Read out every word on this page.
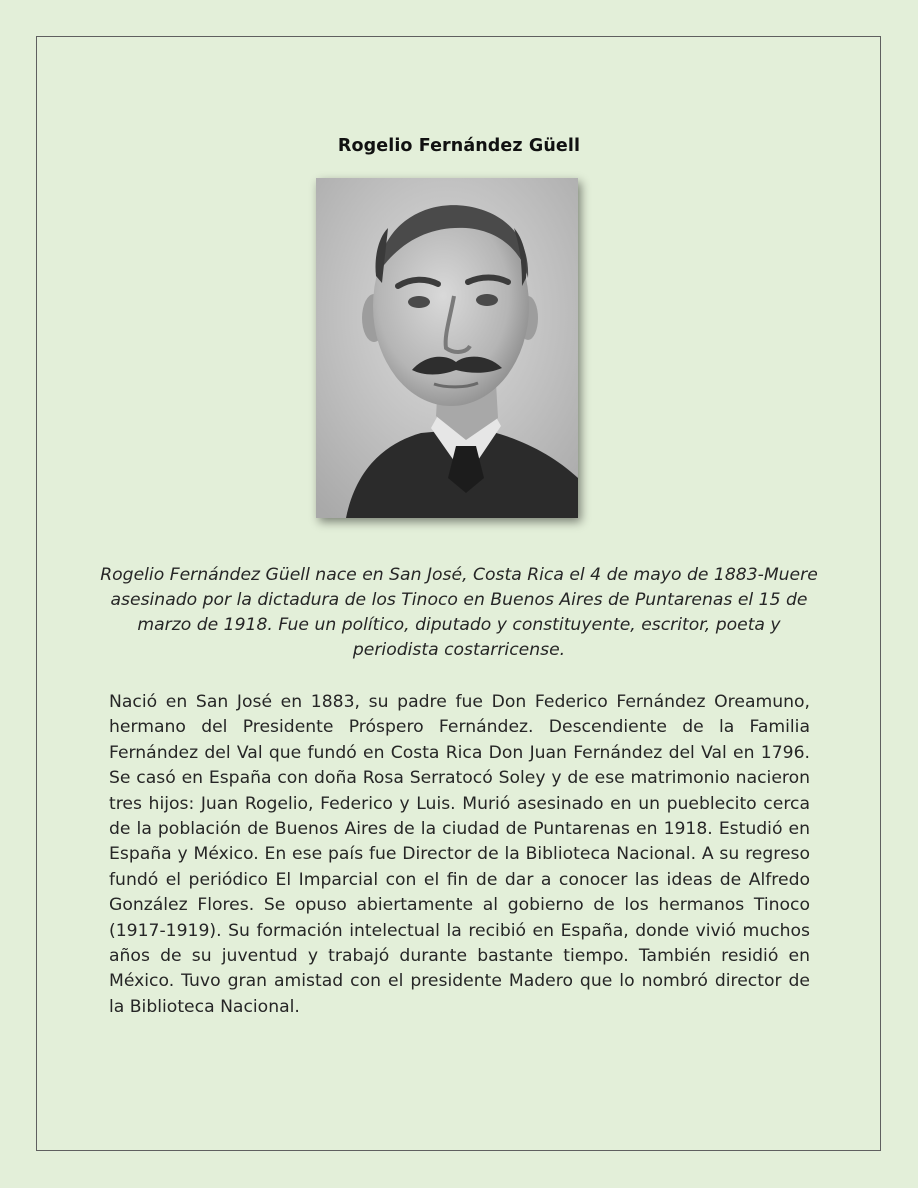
Rogelio Fernández Güell
Rogelio Fernández Güell nace en San José, Costa Rica el 4 de mayo de 1883-Muere asesinado por la dictadura de los Tinoco en Buenos Aires de Puntarenas el 15 de marzo de 1918. Fue un político, diputado y constituyente, escritor, poeta y periodista costarricense.
Nació en San José en 1883, su padre fue Don Federico Fernández Oreamuno, hermano del Presidente Próspero Fernández. Descendiente de la Familia Fernández del Val que fundó en Costa Rica Don Juan Fernández del Val en 1796. Se casó en España con doña Rosa Serratocó Soley y de ese matrimonio nacieron tres hijos: Juan Rogelio, Federico y Luis. Murió asesinado en un pueblecito cerca de la población de Buenos Aires de la ciudad de Puntarenas en 1918. Estudió en España y México. En ese país fue Director de la Biblioteca Nacional. A su regreso fundó el periódico El Imparcial con el fin de dar a conocer las ideas de Alfredo González Flores. Se opuso abiertamente al gobierno de los hermanos Tinoco (1917-1919). Su formación intelectual la recibió en España, donde vivió muchos años de su juventud y trabajó durante bastante tiempo. También residió en México. Tuvo gran amistad con el presidente Madero que lo nombró director de la Biblioteca Nacional.
